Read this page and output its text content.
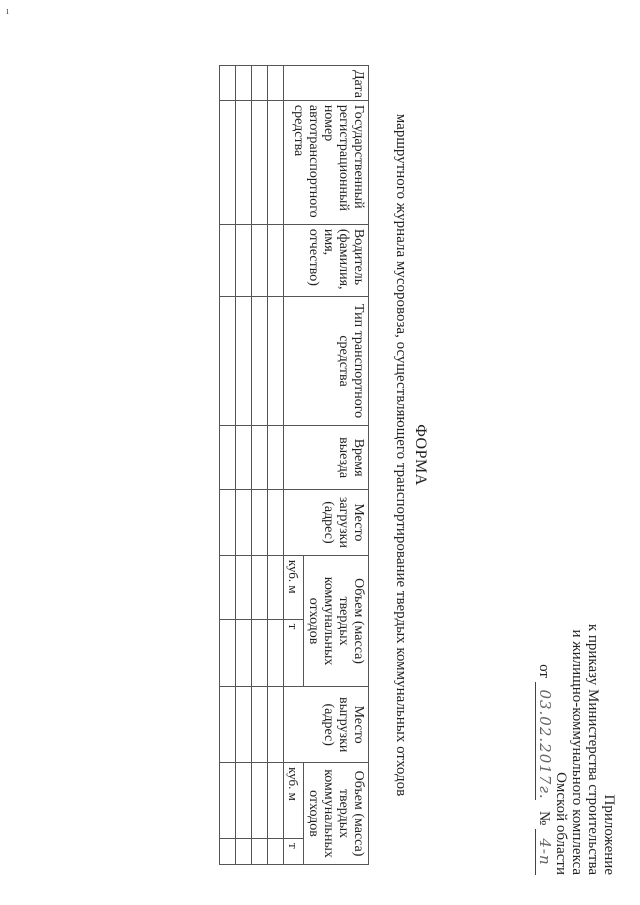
ı
Приложение
к приказу Министерства строительства
и жилищно-коммунального комплекса
Омской области
от 03.02.2017г.   № 4-п
ФОРМА
маршрутного журнала мусоровоза, осуществляющего транспортирование твердых коммунальных отходов
Дата	Государственный регистрационный номер автотранспортного средства	Водитель (фамилия, имя, отчество)	Тип транспортного средства	Время выезда	Место загрузки (адрес)	Объем (масса) твердых коммунальных отходов		Место выгрузки (адрес)	Объем (масса) твердых коммунальных отходов	
						куб. м	т		куб. м	т
